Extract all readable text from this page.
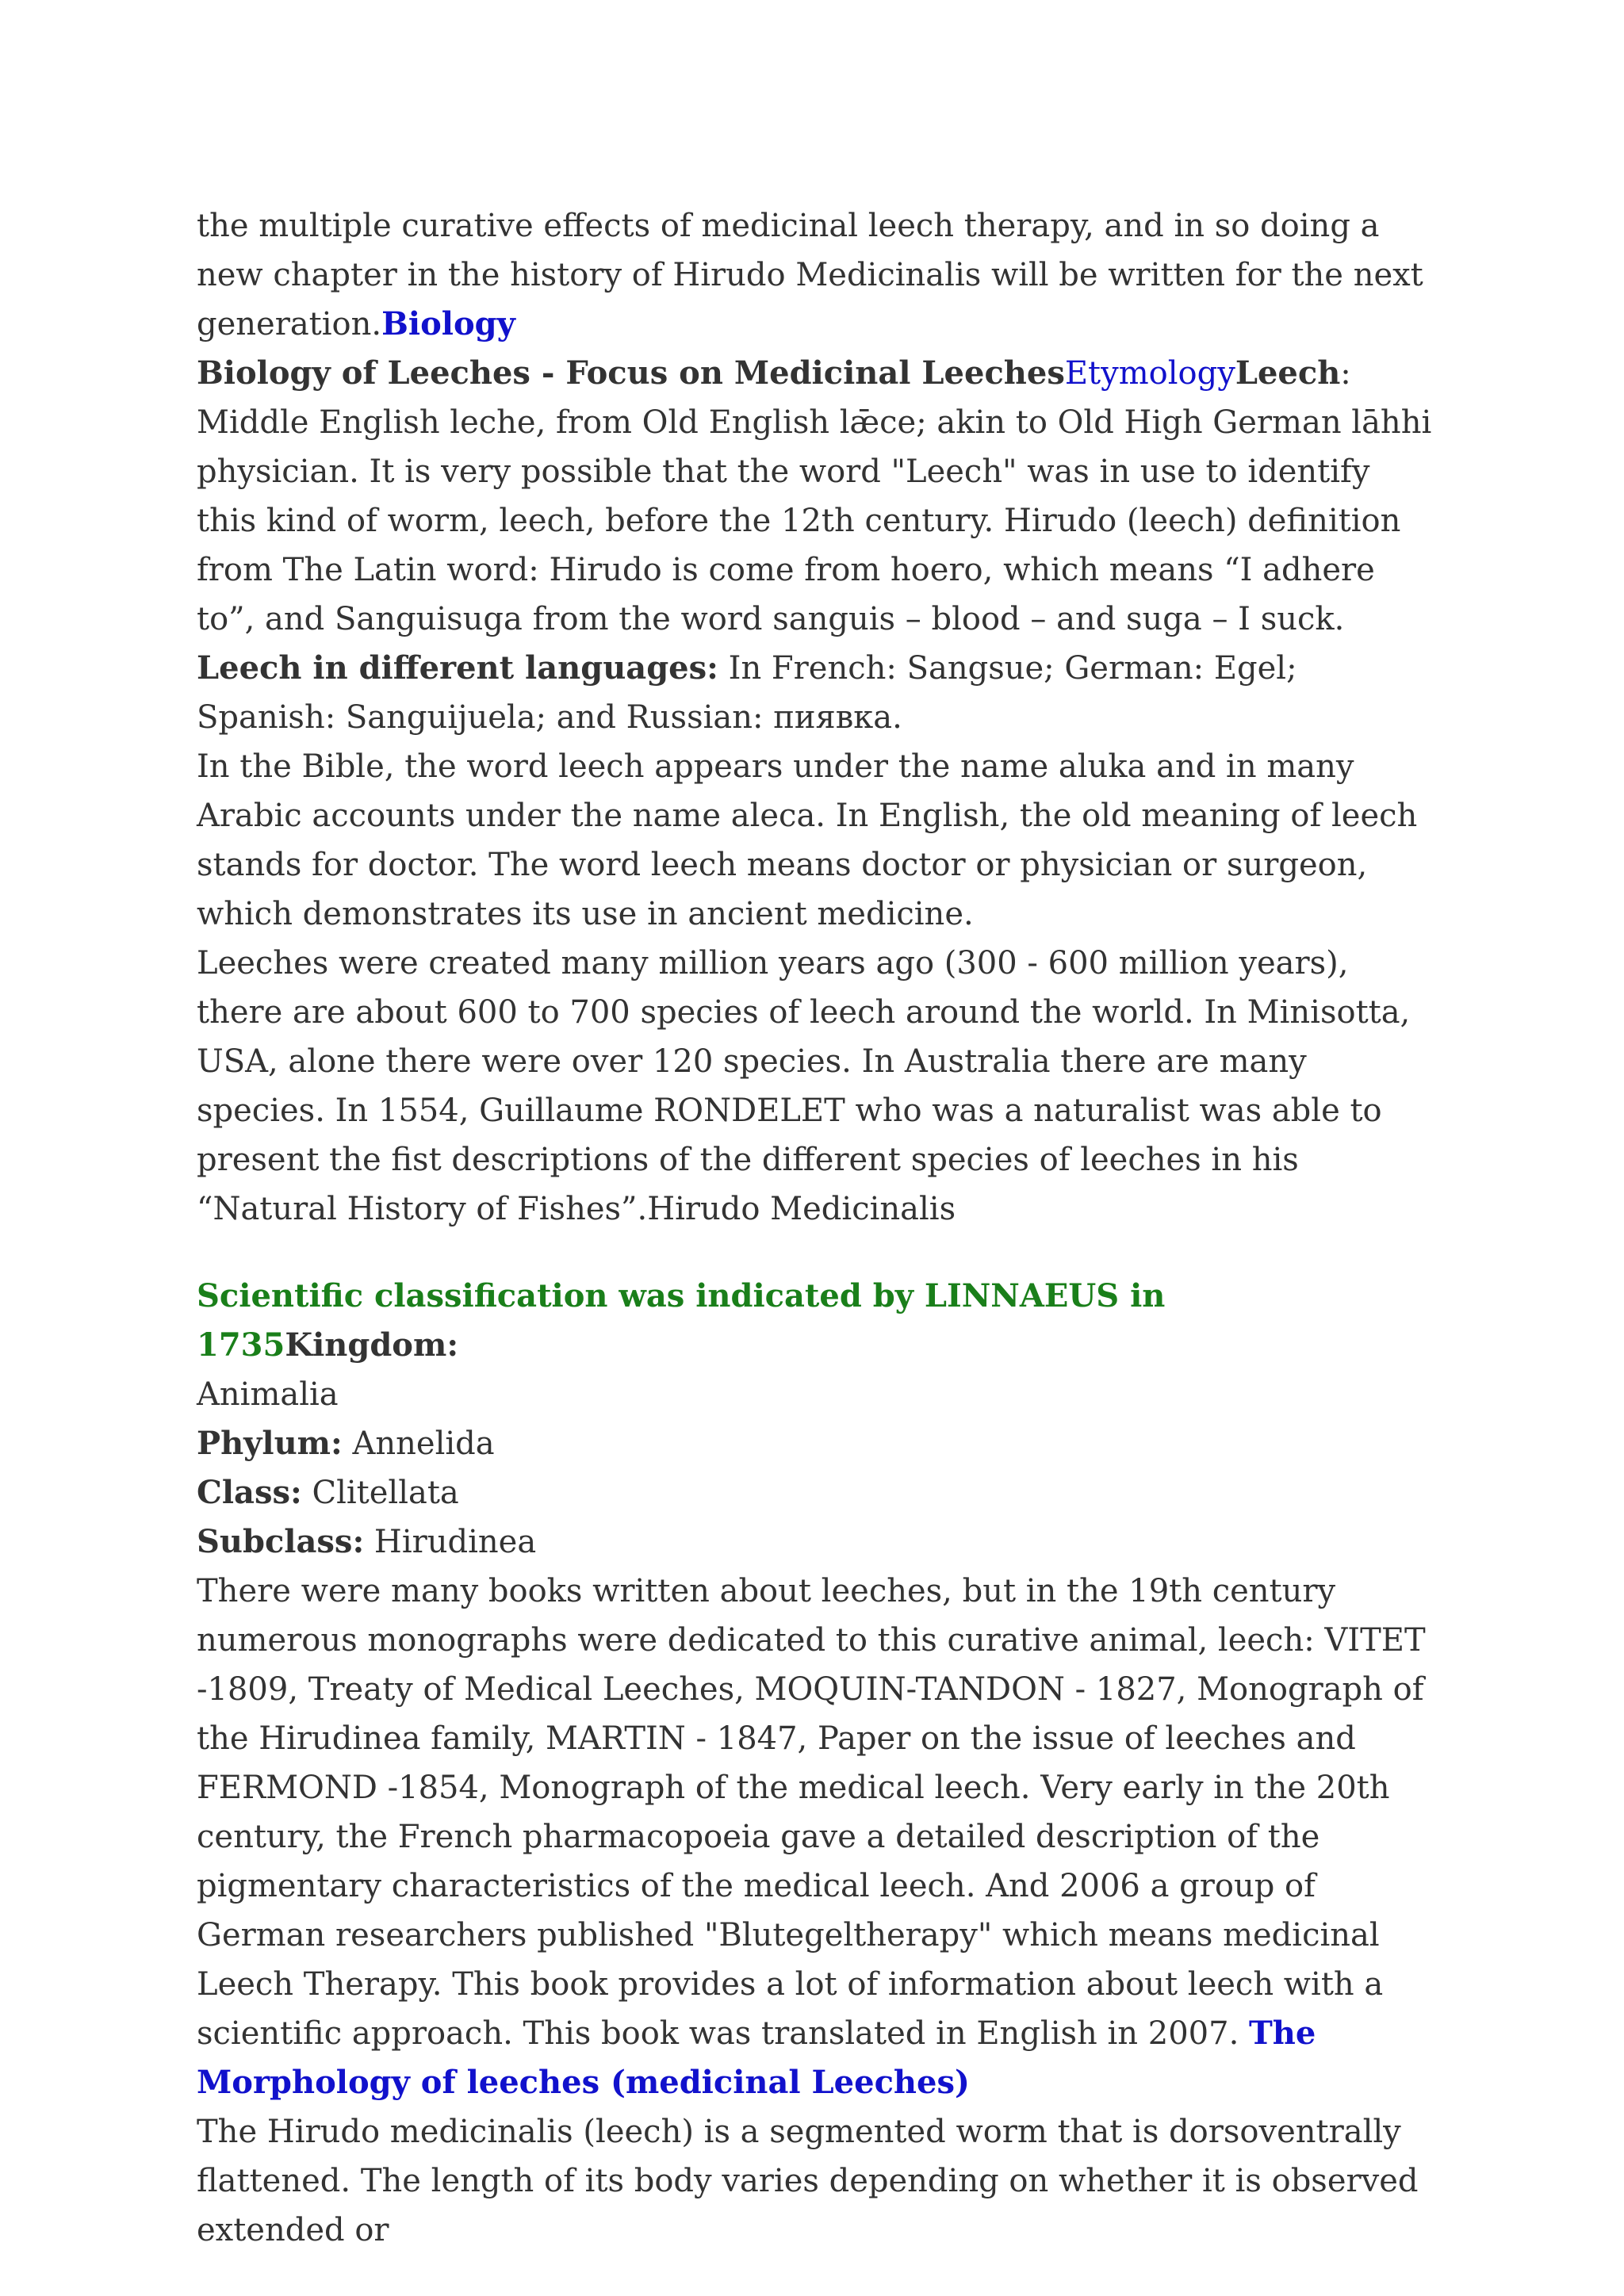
the multiple curative effects of medicinal leech therapy, and in so doing a new chapter in the history of Hirudo Medicinalis will be written for the next generation.Biology

Biology of Leeches - Focus on Medicinal LeechesEtymologyLeech: Middle English leche, from Old English lǣce; akin to Old High German lāhhi physician. It is very possible that the word "Leech" was in use to identify this kind of worm, leech, before the 12th century. Hirudo (leech) definition from The Latin word: Hirudo is come from hoero, which means “I adhere to”, and Sanguisuga from the word sanguis – blood – and suga – I suck.

Leech in different languages: In French: Sangsue; German: Egel; Spanish: Sanguijuela; and Russian: пиявка.

In the Bible, the word leech appears under the name aluka and in many Arabic accounts under the name aleca. In English, the old meaning of leech stands for doctor. The word leech means doctor or physician or surgeon, which demonstrates its use in ancient medicine.

Leeches were created many million years ago (300 - 600 million years), there are about 600 to 700 species of leech around the world. In Minisotta, USA, alone there were over 120 species. In Australia there are many species. In 1554, Guillaume RONDELET who was a naturalist was able to present the fist descriptions of the different species of leeches in his “Natural History of Fishes”.Hirudo Medicinalis

Scientific classification was indicated by LINNAEUS in 1735Kingdom:
Animalia

Phylum: Annelida

Class: Clitellata

Subclass: Hirudinea

There were many books written about leeches, but in the 19th century numerous monographs were dedicated to this curative animal, leech: VITET -1809, Treaty of Medical Leeches, MOQUIN-TANDON - 1827, Monograph of the Hirudinea family, MARTIN - 1847, Paper on the issue of leeches and FERMOND -1854, Monograph of the medical leech. Very early in the 20th century, the French pharmacopoeia gave a detailed description of the pigmentary characteristics of the medical leech. And 2006 a group of German researchers published "Blutegeltherapy" which means medicinal Leech Therapy. This book provides a lot of information about leech with a scientific approach. This book was translated in English in 2007. The Morphology of leeches (medicinal Leeches)

The Hirudo medicinalis (leech) is a segmented worm that is dorsoventrally flattened. The length of its body varies depending on whether it is observed extended or
